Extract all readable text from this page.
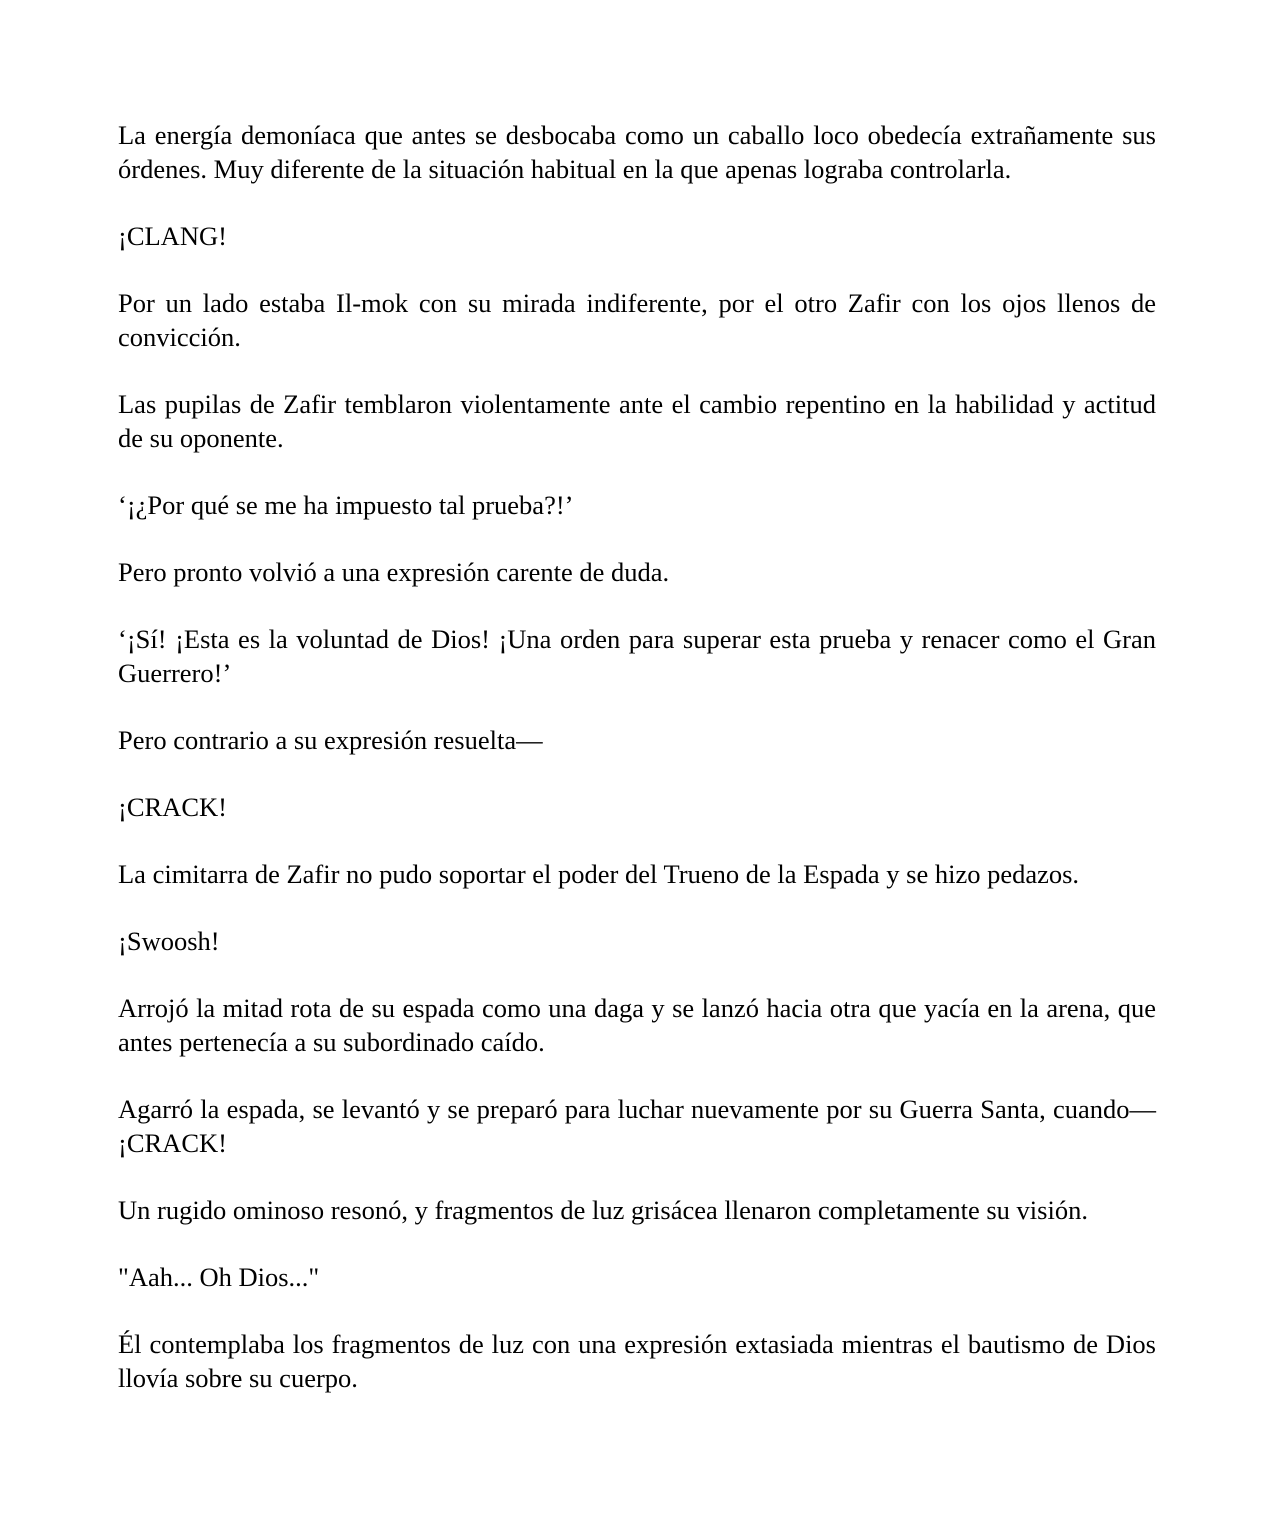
La energía demoníaca que antes se desbocaba como un caballo loco obedecía extrañamente sus órdenes. Muy diferente de la situación habitual en la que apenas lograba controlarla.

¡CLANG!

Por un lado estaba Il-mok con su mirada indiferente, por el otro Zafir con los ojos llenos de convicción.

Las pupilas de Zafir temblaron violentamente ante el cambio repentino en la habilidad y actitud de su oponente.

‘¡¿Por qué se me ha impuesto tal prueba?!’

Pero pronto volvió a una expresión carente de duda.

‘¡Sí! ¡Esta es la voluntad de Dios! ¡Una orden para superar esta prueba y renacer como el Gran Guerrero!’

Pero contrario a su expresión resuelta—

¡CRACK!

La cimitarra de Zafir no pudo soportar el poder del Trueno de la Espada y se hizo pedazos.

¡Swoosh!

Arrojó la mitad rota de su espada como una daga y se lanzó hacia otra que yacía en la arena, que antes pertenecía a su subordinado caído.

Agarró la espada, se levantó y se preparó para luchar nuevamente por su Guerra Santa, cuando— ¡CRACK!

Un rugido ominoso resonó, y fragmentos de luz grisácea llenaron completamente su visión.

"Aah... Oh Dios..."

Él contemplaba los fragmentos de luz con una expresión extasiada mientras el bautismo de Dios llovía sobre su cuerpo.
